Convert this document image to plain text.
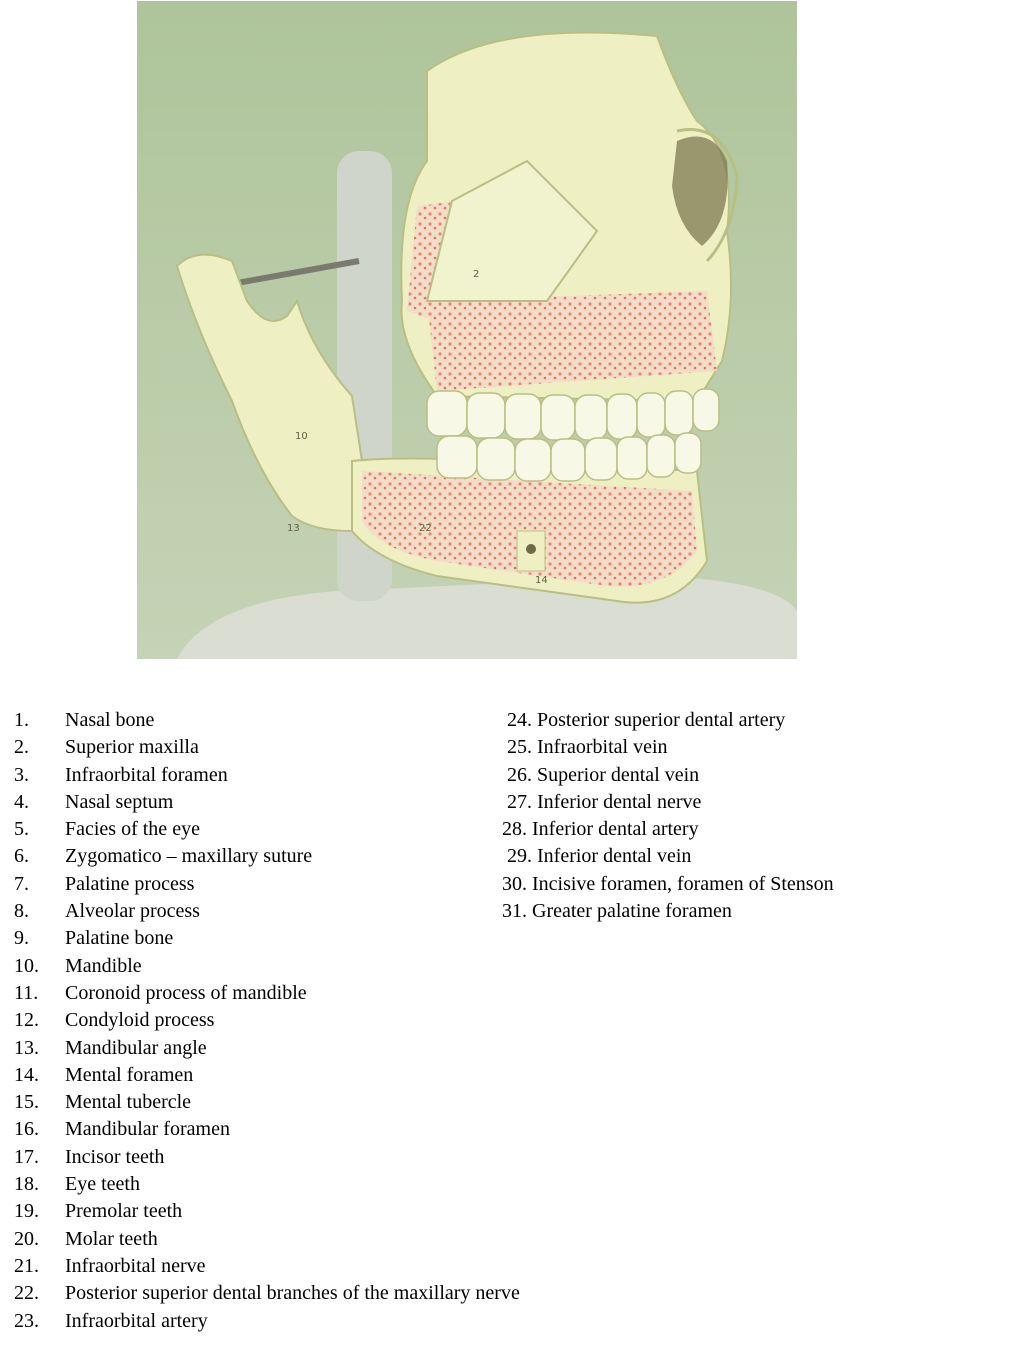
2
10
13
14
22
1. Nasal bone
2. Superior maxilla
3. Infraorbital foramen
4. Nasal septum
5. Facies of the eye
6. Zygomatico – maxillary suture
7. Palatine process
8. Alveolar process
9. Palatine bone
10. Mandible
11. Coronoid process of mandible
12. Condyloid process
13. Mandibular angle
14. Mental foramen
15. Mental tubercle
16. Mandibular foramen
17. Incisor teeth
18. Eye teeth
19. Premolar teeth
20. Molar teeth
21. Infraorbital nerve
22. Posterior superior dental branches of the maxillary nerve
23. Infraorbital artery
24. Posterior superior dental artery
25. Infraorbital vein
26. Superior dental vein
27. Inferior dental nerve
28. Inferior dental artery
29. Inferior dental vein
30. Incisive foramen, foramen of Stenson
31. Greater palatine foramen
